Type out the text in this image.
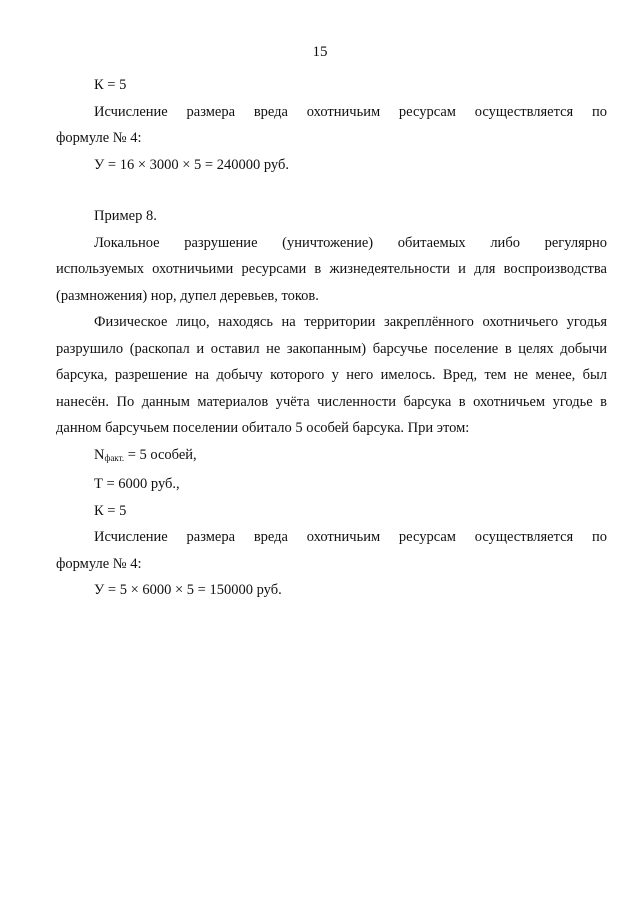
15

К = 5

Исчисление размера вреда охотничьим ресурсам осуществляется по

формуле № 4:

У = 16 × 3000 × 5 = 240000 руб.

Пример 8.

Локальное разрушение (уничтожение) обитаемых либо регулярно

используемых охотничьими ресурсами в жизнедеятельности и для воспроизводства

(размножения) нор, дупел деревьев, токов.

Физическое лицо, находясь на территории закреплённого охотничьего угодья

разрушило (раскопал и оставил не закопанным) барсучье поселение в целях добычи

барсука, разрешение на добычу которого у него имелось. Вред, тем не менее, был

нанесён. По данным материалов учёта численности барсука в охотничьем угодье в

данном барсучьем поселении обитало 5 особей барсука. При этом:

$N_{факт.} = 5$ особей,

Т = 6000 руб.,

К = 5

Исчисление размера вреда охотничьим ресурсам осуществляется по

формуле № 4:

У = 5 × 6000 × 5 = 150000 руб.
